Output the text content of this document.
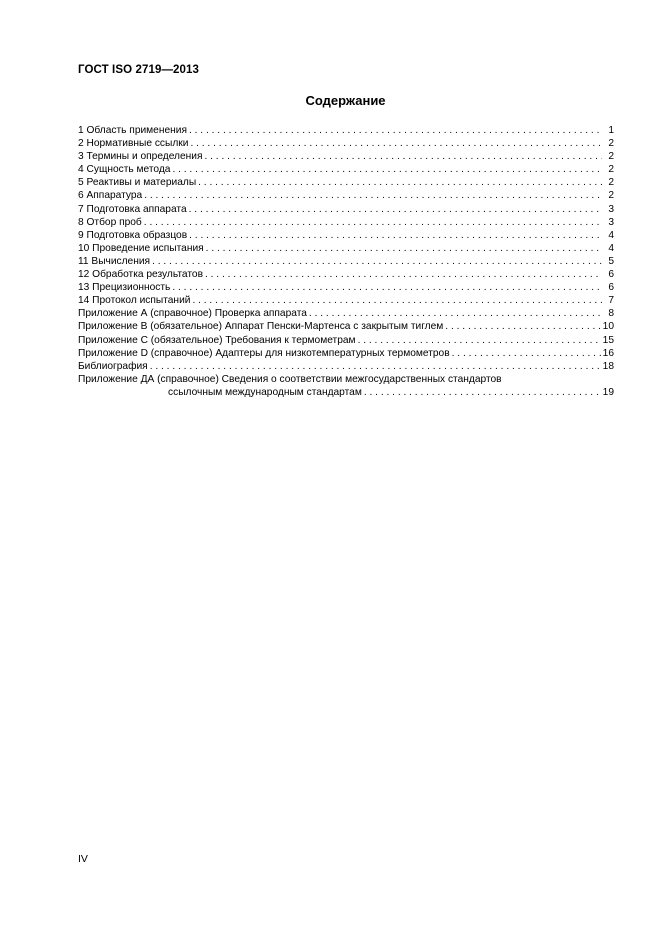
ГОСТ ISO 2719—2013
Содержание
1 Область применения . . .	1
2 Нормативные ссылки . . .	2
3 Термины и определения . . .	2
4 Сущность метода . . .	2
5 Реактивы и материалы . . .	2
6 Аппаратура . . .	2
7 Подготовка аппарата . . .	3
8 Отбор проб . . .	3
9 Подготовка образцов . . .	4
10 Проведение испытания . . .	4
11 Вычисления . . .	5
12 Обработка результатов . . .	6
13 Прецизионность . . .	6
14 Протокол испытаний . . .	7
Приложение А (справочное) Проверка аппарата . . .	8
Приложение В (обязательное) Аппарат Пенски-Мартенса с закрытым тиглем . . .	10
Приложение С (обязательное) Требования к термометрам . . .	15
Приложение D (справочное) Адаптеры для низкотемпературных термометров . . .	16
Библиография . . .	18
Приложение ДА (справочное) Сведения о соответствии межгосударственных стандартов
ссылочным международным стандартам . . .	19
IV
